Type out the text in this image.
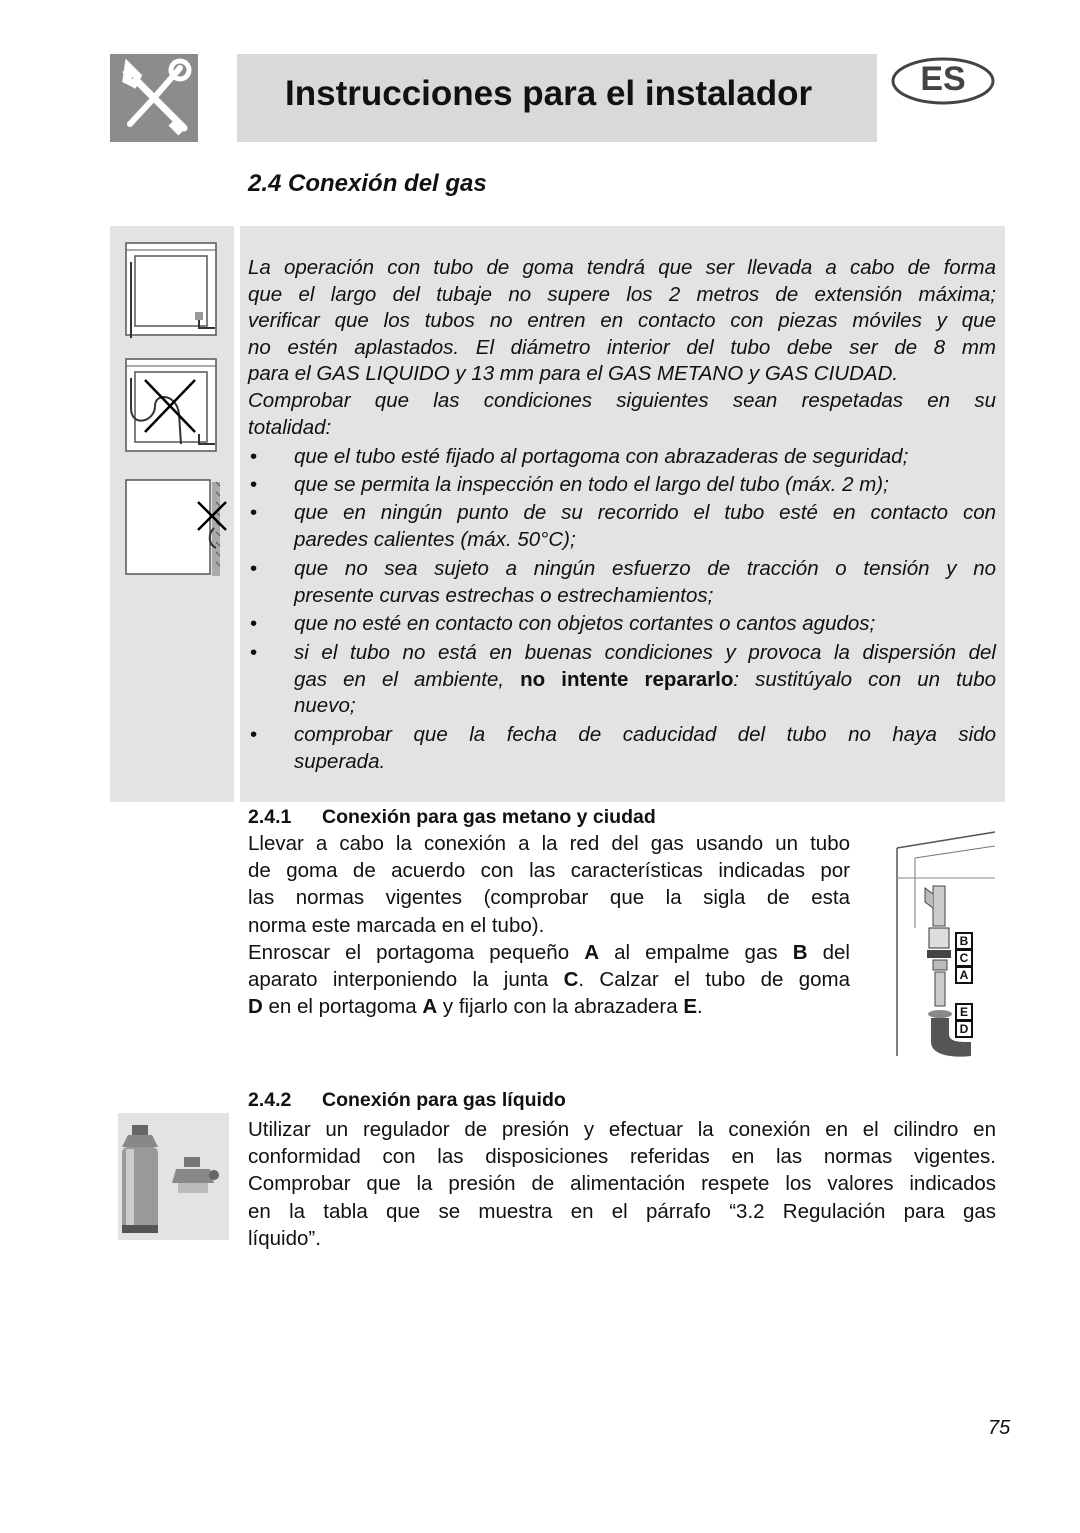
Instrucciones para el instalador	ES
2.4 Conexión del gas

La operación con tubo de goma tendrá que ser llevada a cabo de forma

que el largo del tubaje no supere los 2 metros de extensión máxima;

verificar que los tubos no entren en contacto con piezas móviles y que

no estén aplastados. El diámetro interior del tubo debe ser de 8 mm

para el GAS LIQUIDO y 13 mm para el GAS METANO y GAS CIUDAD.

Comprobar que las condiciones siguientes sean respetadas en su

totalidad:

• que el tubo esté fijado al portagoma con abrazaderas de seguridad;

• que se permita la inspección en todo el largo del tubo (máx. 2 m);

• que en ningún punto de su recorrido el tubo esté en contacto con

paredes calientes (máx. 50°C);

• que no sea sujeto a ningún esfuerzo de tracción o tensión y no

presente curvas estrechas o estrechamientos;

• que no esté en contacto con objetos cortantes o cantos agudos;

• si el tubo no está en buenas condiciones y provoca la dispersión del

gas en el ambiente, no intente repararlo: sustitúyalo con un tubo

nuevo;

• comprobar que la fecha de caducidad del tubo no haya sido

superada.

2.4.1 Conexión para gas metano y ciudad

Llevar a cabo la conexión a la red del gas usando un tubo

de goma de acuerdo con las características indicadas por

las normas vigentes (comprobar que la sigla de esta

norma este marcada en el tubo).

Enroscar el portagoma pequeño A al empalme gas B del

aparato interponiendo la junta C. Calzar el tubo de goma

D en el portagoma A y fijarlo con la abrazadera E.

B
C
A
E
D
2.4.2 Conexión para gas líquido

Utilizar un regulador de presión y efectuar la conexión en el cilindro en

conformidad con las disposiciones referidas en las normas vigentes.

Comprobar que la presión de alimentación respete los valores indicados

en la tabla que se muestra en el párrafo “3.2 Regulación para gas

líquido”.

75
